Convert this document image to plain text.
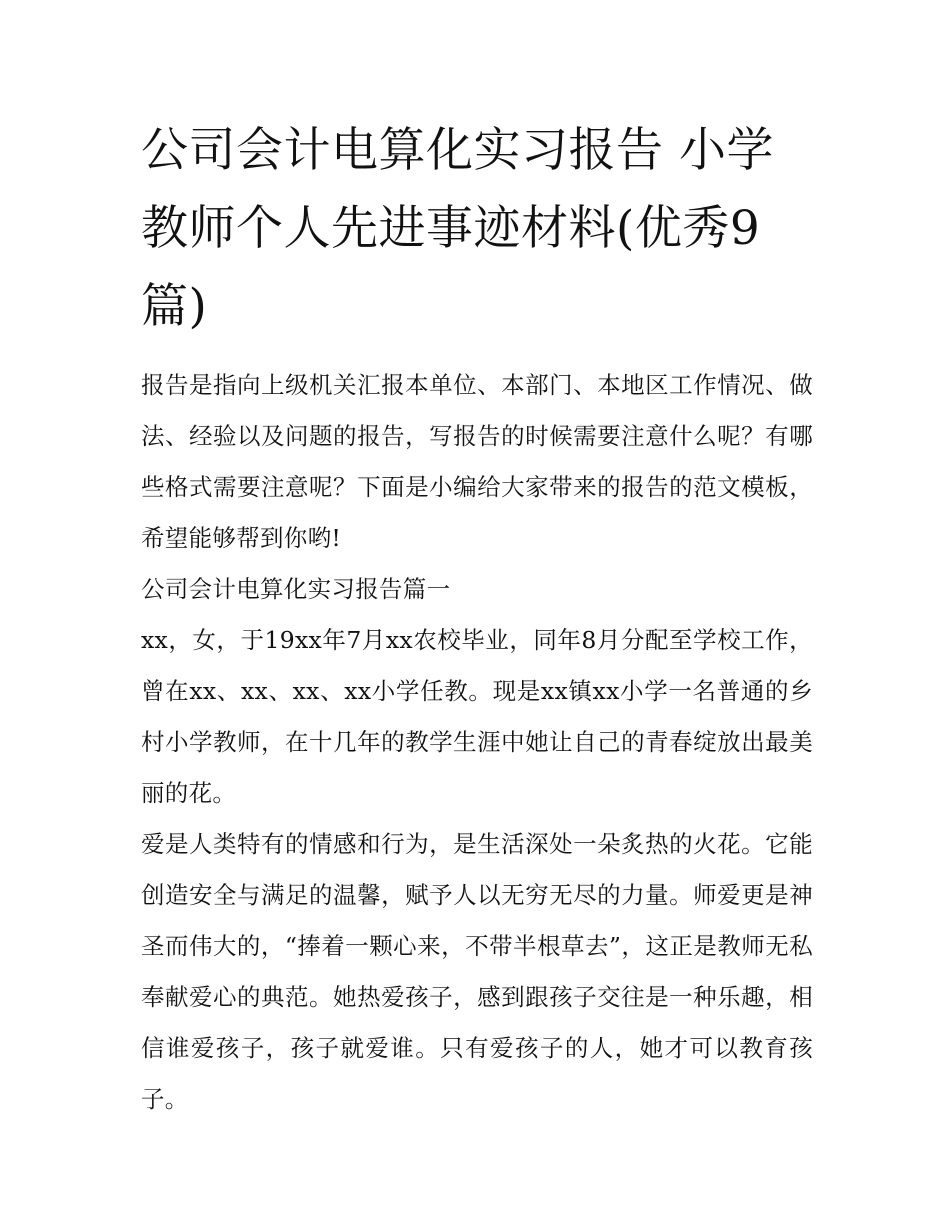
公司会计电算化实习报告 小学教师个人先进事迹材料(优秀9篇)

报告是指向上级机关汇报本单位、本部门、本地区工作情况、做法、经验以及问题的报告，写报告的时候需要注意什么呢？有哪些格式需要注意呢？下面是小编给大家带来的报告的范文模板，希望能够帮到你哟!

公司会计电算化实习报告篇一

xx，女，于19xx年7月xx农校毕业，同年8月分配至学校工作，曾在xx、xx、xx、xx小学任教。现是xx镇xx小学一名普通的乡村小学教师，在十几年的教学生涯中她让自己的青春绽放出最美丽的花。

爱是人类特有的情感和行为，是生活深处一朵炙热的火花。它能创造安全与满足的温馨，赋予人以无穷无尽的力量。师爱更是神圣而伟大的，“捧着一颗心来，不带半根草去”，这正是教师无私奉献爱心的典范。她热爱孩子，感到跟孩子交往是一种乐趣，相信谁爱孩子，孩子就爱谁。只有爱孩子的人，她才可以教育孩子。
